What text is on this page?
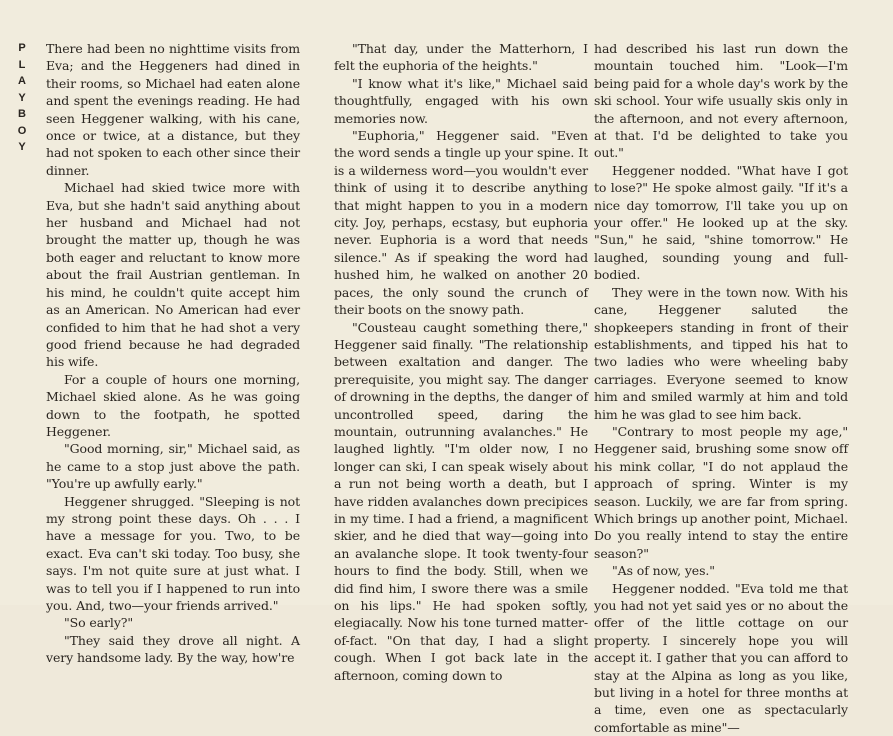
P
L
A
Y
B
O
Y

There had been no nighttime visits from Eva; and the Heggeners had dined in their rooms, so Michael had eaten alone and spent the evenings reading. He had seen Heggener walking, with his cane, once or twice, at a distance, but they had not spoken to each other since their dinner.

Michael had skied twice more with Eva, but she hadn't said anything about her husband and Michael had not brought the matter up, though he was both eager and reluctant to know more about the frail Austrian gentleman. In his mind, he couldn't quite accept him as an American. No American had ever confided to him that he had shot a very good friend because he had degraded his wife.

For a couple of hours one morning, Michael skied alone. As he was going down to the footpath, he spotted Heggener.

"Good morning, sir," Michael said, as he came to a stop just above the path. "You're up awfully early."

Heggener shrugged. "Sleeping is not my strong point these days. Oh . . . I have a message for you. Two, to be exact. Eva can't ski today. Too busy, she says. I'm not quite sure at just what. I was to tell you if I happened to run into you. And, two—your friends arrived."

"So early?"

"They said they drove all night. A very handsome lady. By the way, how're

"That day, under the Matterhorn, I felt the euphoria of the heights."

"I know what it's like," Michael said thoughtfully, engaged with his own memories now.

"Euphoria," Heggener said. "Even the word sends a tingle up your spine. It is a wilderness word—you wouldn't ever think of using it to describe anything that might happen to you in a modern city. Joy, perhaps, ecstasy, but euphoria never. Euphoria is a word that needs silence." As if speaking the word had hushed him, he walked on another 20 paces, the only sound the crunch of their boots on the snowy path.

"Cousteau caught something there," Heggener said finally. "The relationship between exaltation and danger. The prerequisite, you might say. The danger of drowning in the depths, the danger of uncontrolled speed, daring the mountain, outrunning avalanches." He laughed lightly. "I'm older now, I no longer can ski, I can speak wisely about a run not being worth a death, but I have ridden avalanches down precipices in my time. I had a friend, a magnificent skier, and he died that way—going into an avalanche slope. It took twenty-four hours to find the body. Still, when we did find him, I swore there was a smile on his lips." He had spoken softly, elegiacally. Now his tone turned matter-of-fact. "On that day, I had a slight cough. When I got back late in the afternoon, coming down to

had described his last run down the mountain touched him. "Look—I'm being paid for a whole day's work by the ski school. Your wife usually skis only in the afternoon, and not every afternoon, at that. I'd be delighted to take you out."

Heggener nodded. "What have I got to lose?" He spoke almost gaily. "If it's a nice day tomorrow, I'll take you up on your offer." He looked up at the sky. "Sun," he said, "shine tomorrow." He laughed, sounding young and full-bodied.

They were in the town now. With his cane, Heggener saluted the shopkeepers standing in front of their establishments, and tipped his hat to two ladies who were wheeling baby carriages. Everyone seemed to know him and smiled warmly at him and told him he was glad to see him back.

"Contrary to most people my age," Heggener said, brushing some snow off his mink collar, "I do not applaud the approach of spring. Winter is my season. Luckily, we are far from spring. Which brings up another point, Michael. Do you really intend to stay the entire season?"

"As of now, yes."

Heggener nodded. "Eva told me that you had not yet said yes or no about the offer of the little cottage on our property. I sincerely hope you will accept it. I gather that you can afford to stay at the Alpina as long as you like, but living in a hotel for three months at a time, even one as spectacularly comfortable as mine"—
